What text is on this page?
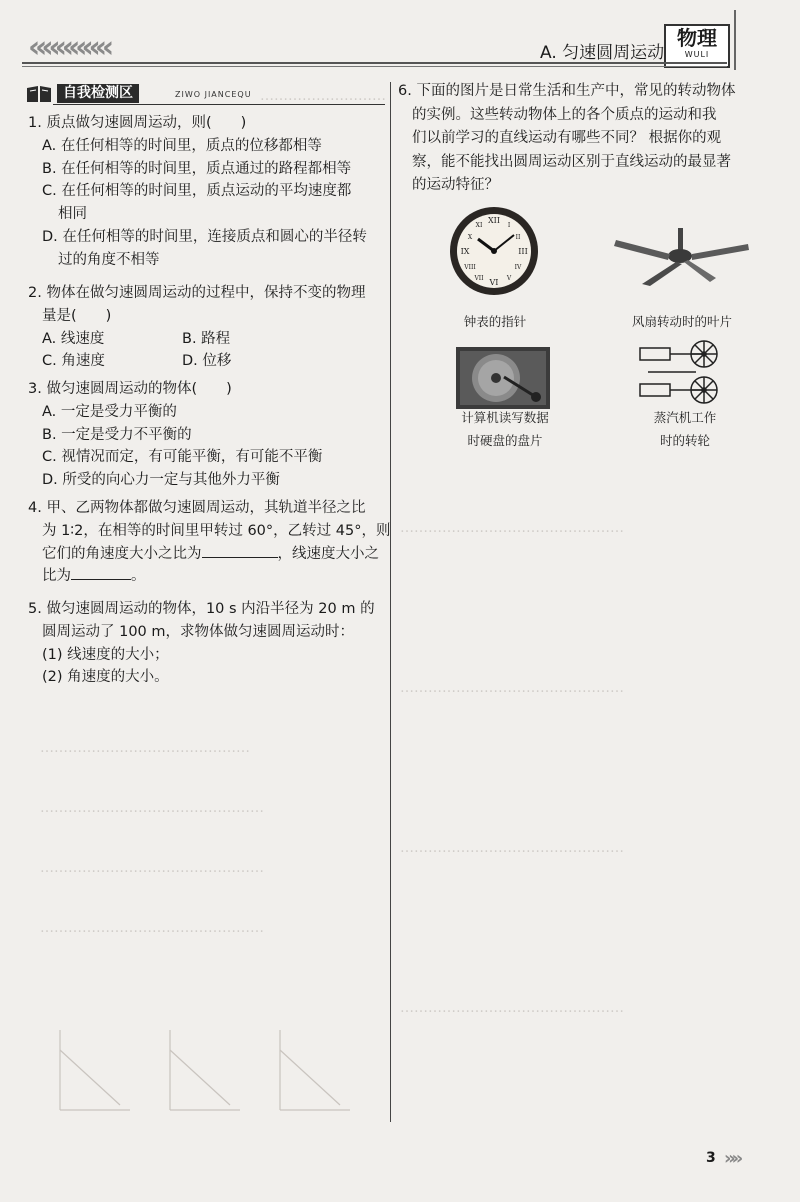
««««««	A. 匀速圆周运动
物理
WULI
………………………
………………………………………
…………………………………………
…………………………………………
…………………………………………
…………………………………………
…………………………………………
…………………………………………
…………………………………………
自我检测区	ZIWO JIANCEQU
1. 质点做匀速圆周运动，则(　　)
A. 在任何相等的时间里，质点的位移都相等
B. 在任何相等的时间里，质点通过的路程都相等
C. 在任何相等的时间里，质点运动的平均速度都
相同
D. 在任何相等的时间里，连接质点和圆心的半径转
过的角度不相等
2. 物体在做匀速圆周运动的过程中，保持不变的物理
量是(　　)
A. 线速度	B. 路程
C. 角速度	D. 位移
3. 做匀速圆周运动的物体(　　)
A. 一定是受力平衡的
B. 一定是受力不平衡的
C. 视情况而定，有可能平衡，有可能不平衡
D. 所受的向心力一定与其他外力平衡
4. 甲、乙两物体都做匀速圆周运动，其轨道半径之比
为 1∶2，在相等的时间里甲转过 60°，乙转过 45°，则
它们的角速度大小之比为	，线速度大小之
比为	。
5. 做匀速圆周运动的物体，10 s 内沿半径为 20 m 的
圆周运动了 100 m，求物体做匀速圆周运动时：
(1) 线速度的大小；
(2) 角速度的大小。
6. 下面的图片是日常生活和生产中，常见的转动物体
的实例。这些转动物体上的各个质点的运动和我
们以前学习的直线运动有哪些不同？ 根据你的观
察，能不能找出圆周运动区别于直线运动的最显著
的运动特征？
XII
III
VI
IX
I
II
IV
V
VII
VIII
X
XI
钟表的指针	风扇转动时的叶片
计算机读写数据
时硬盘的盘片
蒸汽机工作
时的转轮
3 »»
